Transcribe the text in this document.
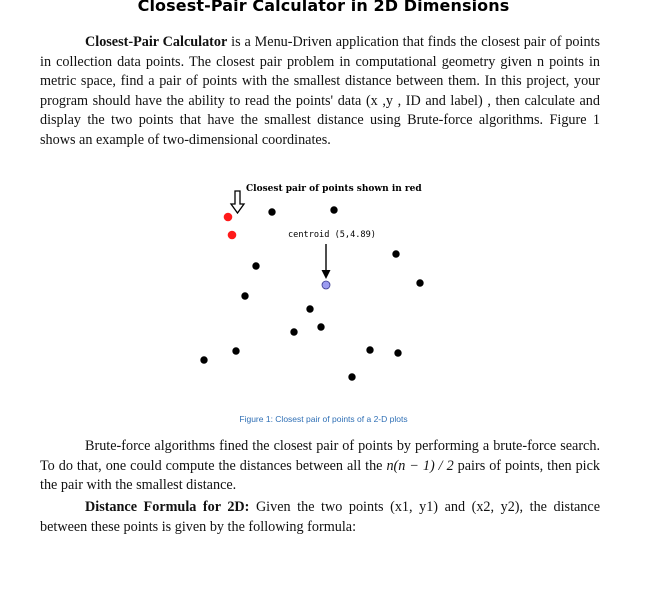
Closest-Pair Calculator in 2D Dimensions

Closest-Pair Calculator is a Menu-Driven application that finds the closest pair of points in collection data points. The closest pair problem in computational geometry given n points in metric space, find a pair of points with the smallest distance between them. In this project, your program should have the ability to read the points' data (x ,y , ID and label) , then calculate and display the two points that have the smallest distance using Brute-force algorithms. Figure 1 shows an example of two-dimensional coordinates.

Closest pair of points shown in red
centroid (5,4.89)
Figure 1: Closest pair of points of a 2-D plots

Brute-force algorithms fined the closest pair of points by performing a brute-force search. To do that, one could compute the distances between all the n(n − 1) / 2 pairs of points, then pick the pair with the smallest distance.

Distance Formula for 2D: Given the two points (x1, y1) and (x2, y2), the distance between these points is given by the following formula:
